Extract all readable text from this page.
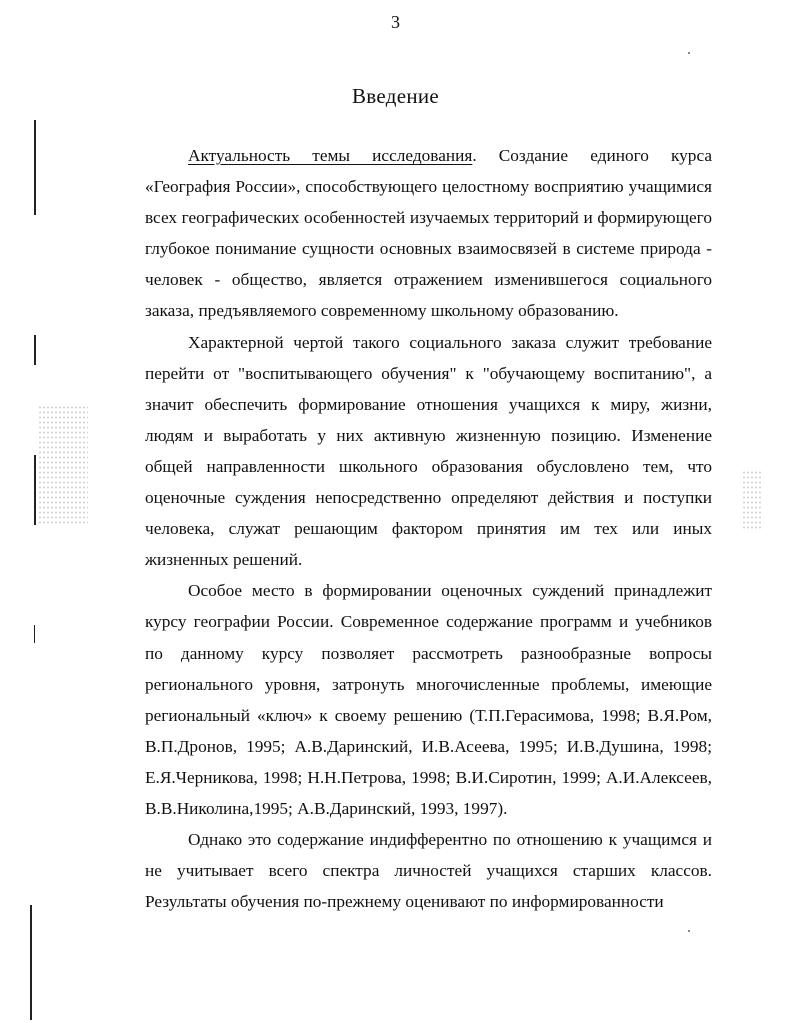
3
Введение

Актуальность темы исследования. Создание единого курса «География России», способствующего целостному восприятию учащимися всех географических особенностей изучаемых территорий и формирующего глубокое понимание сущности основных взаимосвязей в системе природа - человек - общество, является отражением изменившегося социального заказа, предъявляемого современному школьному образованию.

Характерной чертой такого социального заказа служит требование перейти от "воспитывающего обучения" к "обучающему воспитанию", а значит обеспечить формирование отношения учащихся к миру, жизни, людям и выработать у них активную жизненную позицию. Изменение общей направленности школьного образования обусловлено тем, что оценочные суждения непосредственно определяют действия и поступки человека, служат решающим фактором принятия им тех или иных жизненных решений.

Особое место в формировании оценочных суждений принадлежит курсу географии России. Современное содержание программ и учебников по данному курсу позволяет рассмотреть разнообразные вопросы регионального уровня, затронуть многочисленные проблемы, имеющие региональный «ключ» к своему решению (Т.П.Герасимова, 1998; В.Я.Ром, В.П.Дронов, 1995; А.В.Даринский, И.В.Асеева, 1995; И.В.Душина, 1998; Е.Я.Черникова, 1998; Н.Н.Петрова, 1998; В.И.Сиротин, 1999; А.И.Алексеев, В.В.Николина,1995; А.В.Даринский, 1993, 1997).

Однако это содержание индифферентно по отношению к учащимся и не учитывает всего спектра личностей учащихся старших классов. Результаты обучения по-прежнему оценивают по информированности
